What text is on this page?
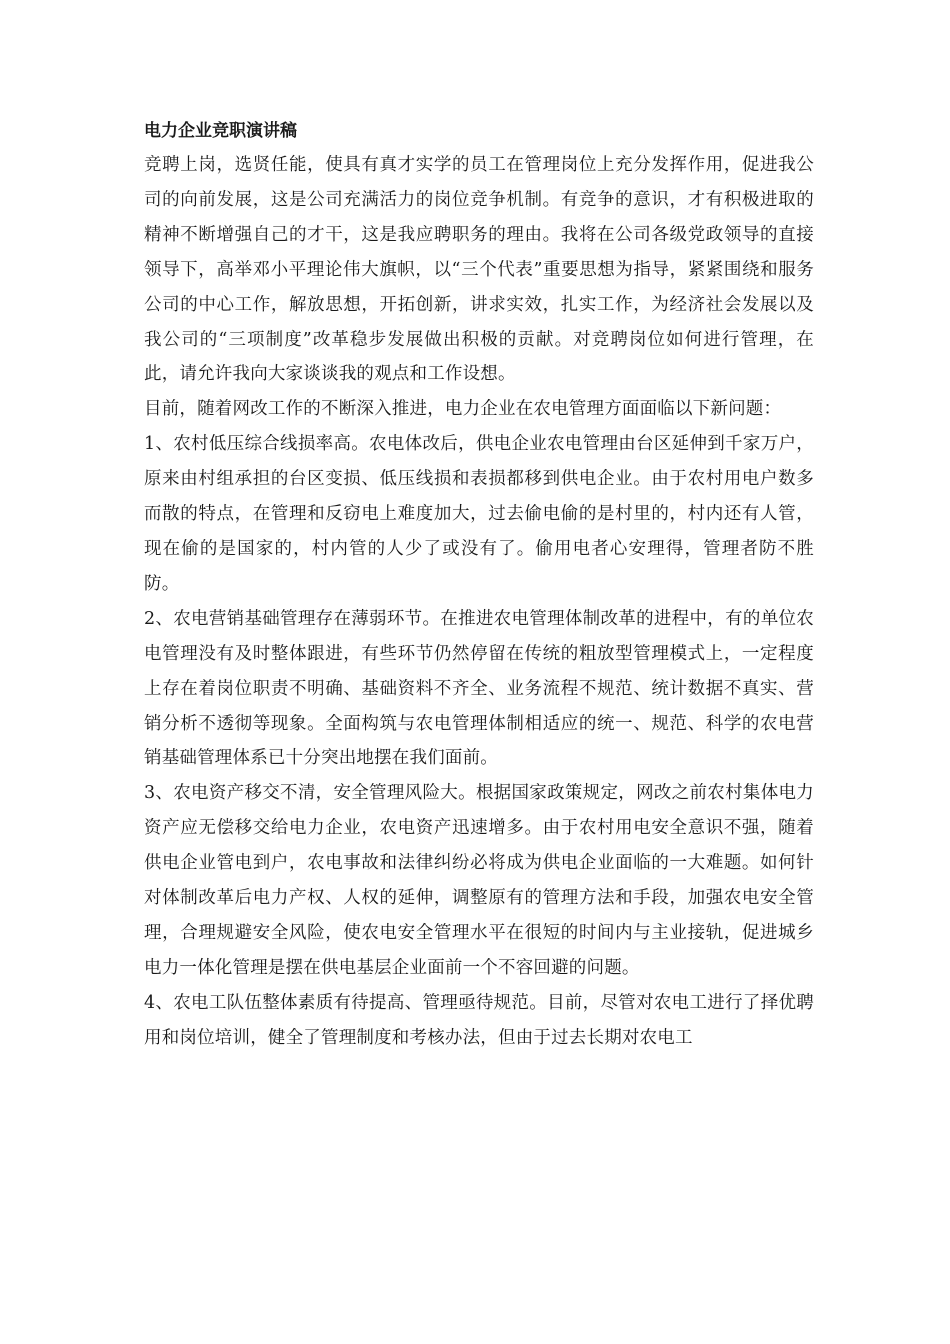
电力企业竞职演讲稿

竞聘上岗，选贤任能，使具有真才实学的员工在管理岗位上充分发挥作用，促进我公司的向前发展，这是公司充满活力的岗位竞争机制。有竞争的意识，才有积极进取的精神不断增强自己的才干，这是我应聘职务的理由。我将在公司各级党政领导的直接领导下，高举邓小平理论伟大旗帜，以“三个代表”重要思想为指导，紧紧围绕和服务公司的中心工作，解放思想，开拓创新，讲求实效，扎实工作，为经济社会发展以及我公司的“三项制度”改革稳步发展做出积极的贡献。对竞聘岗位如何进行管理，在此，请允许我向大家谈谈我的观点和工作设想。

目前，随着网改工作的不断深入推进，电力企业在农电管理方面面临以下新问题：

1、农村低压综合线损率高。农电体改后，供电企业农电管理由台区延伸到千家万户，原来由村组承担的台区变损、低压线损和表损都移到供电企业。由于农村用电户数多而散的特点，在管理和反窃电上难度加大，过去偷电偷的是村里的，村内还有人管，现在偷的是国家的，村内管的人少了或没有了。偷用电者心安理得，管理者防不胜防。

2、农电营销基础管理存在薄弱环节。在推进农电管理体制改革的进程中，有的单位农电管理没有及时整体跟进，有些环节仍然停留在传统的粗放型管理模式上，一定程度上存在着岗位职责不明确、基础资料不齐全、业务流程不规范、统计数据不真实、营销分析不透彻等现象。全面构筑与农电管理体制相适应的统一、规范、科学的农电营销基础管理体系已十分突出地摆在我们面前。

3、农电资产移交不清，安全管理风险大。根据国家政策规定，网改之前农村集体电力资产应无偿移交给电力企业，农电资产迅速增多。由于农村用电安全意识不强，随着供电企业管电到户，农电事故和法律纠纷必将成为供电企业面临的一大难题。如何针对体制改革后电力产权、人权的延伸，调整原有的管理方法和手段，加强农电安全管理，合理规避安全风险，使农电安全管理水平在很短的时间内与主业接轨，促进城乡电力一体化管理是摆在供电基层企业面前一个不容回避的问题。

4、农电工队伍整体素质有待提高、管理亟待规范。目前，尽管对农电工进行了择优聘用和岗位培训，健全了管理制度和考核办法，但由于过去长期对农电工
